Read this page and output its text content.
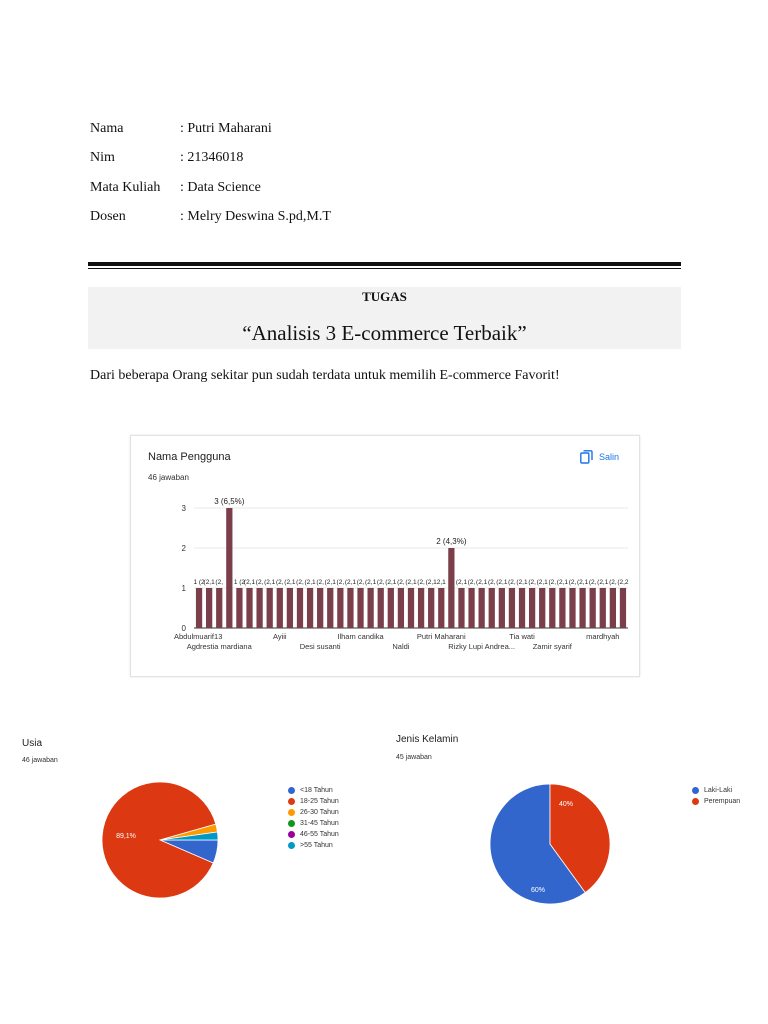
Nama	: Putri Maharani
Nim	: 21346018
Mata Kuliah : Data Science
Dosen	: Melry Deswina S.pd,M.T
TUGAS
“Analisis 3 E-commerce Terbaik”
Dari beberapa Orang sekitar pun sudah terdata untuk memilih E-commerce Favorit!
Nama Pengguna
46 jawaban
Salin
0
1
2
3
1 (2
(2,1 (2,
3 (6,5%)
1 (2
(2,1 (2, (2,1 (2, (2,1 (2, (2,1 (2, (2,1 (2, (2,1 (2, (2,1 (2, (2,1 (2, (2,1 (2, (2,1 2,1
2 (4,3%)
(2,1 (2, (2,1 (2, (2,1 (2, (2,1 (2, (2,1 (2, (2,1 (2, (2,1 (2, (2,1 (2, (2,2
Abdulmuarif13
Agdrestia mardiana
Ayiii
Desi susanti
Ilham candika
Naldi
Putri Maharani
Rizky Lupi Andrea...
Tia wati
Zamir syarif
mardhyah
Usia
46 jawaban
89,1%
<18 Tahun
18-25 Tahun
26-30 Tahun
31-45 Tahun
46-55 Tahun
>55 Tahun
Jenis Kelamin
45 jawaban
60%
40%
Laki-Laki
Perempuan
